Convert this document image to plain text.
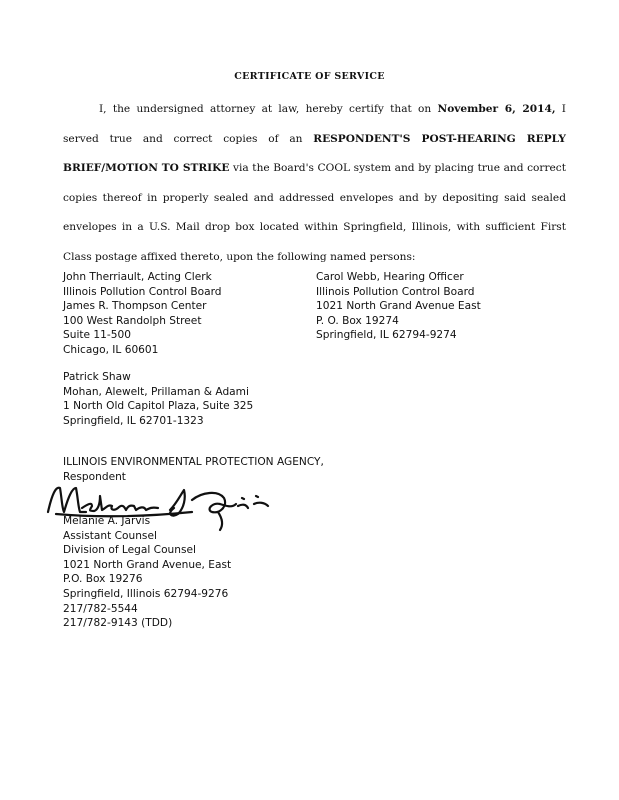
CERTIFICATE OF SERVICE
I, the undersigned attorney at law, hereby certify that on November 6, 2014, I served true and correct copies of an RESPONDENT'S POST-HEARING REPLY BRIEF/MOTION TO STRIKE via the Board's COOL system and by placing true and correct copies thereof in properly sealed and addressed envelopes and by depositing said sealed envelopes in a U.S. Mail drop box located within Springfield, Illinois, with sufficient First Class postage affixed thereto, upon the following named persons:
John Therriault, Acting Clerk
Illinois Pollution Control Board
James R. Thompson Center
100 West Randolph Street
Suite 11-500
Chicago, IL 60601
Carol Webb, Hearing Officer
Illinois Pollution Control Board
1021 North Grand Avenue East
P. O. Box 19274
Springfield, IL 62794-9274
Patrick Shaw
Mohan, Alewelt, Prillaman & Adami
1 North Old Capitol Plaza, Suite 325
Springfield, IL 62701-1323
ILLINOIS ENVIRONMENTAL PROTECTION AGENCY,
Respondent
Melanie A. Jarvis
Assistant Counsel
Division of Legal Counsel
1021 North Grand Avenue, East
P.O. Box 19276
Springfield, Illinois 62794-9276
217/782-5544
217/782-9143 (TDD)
